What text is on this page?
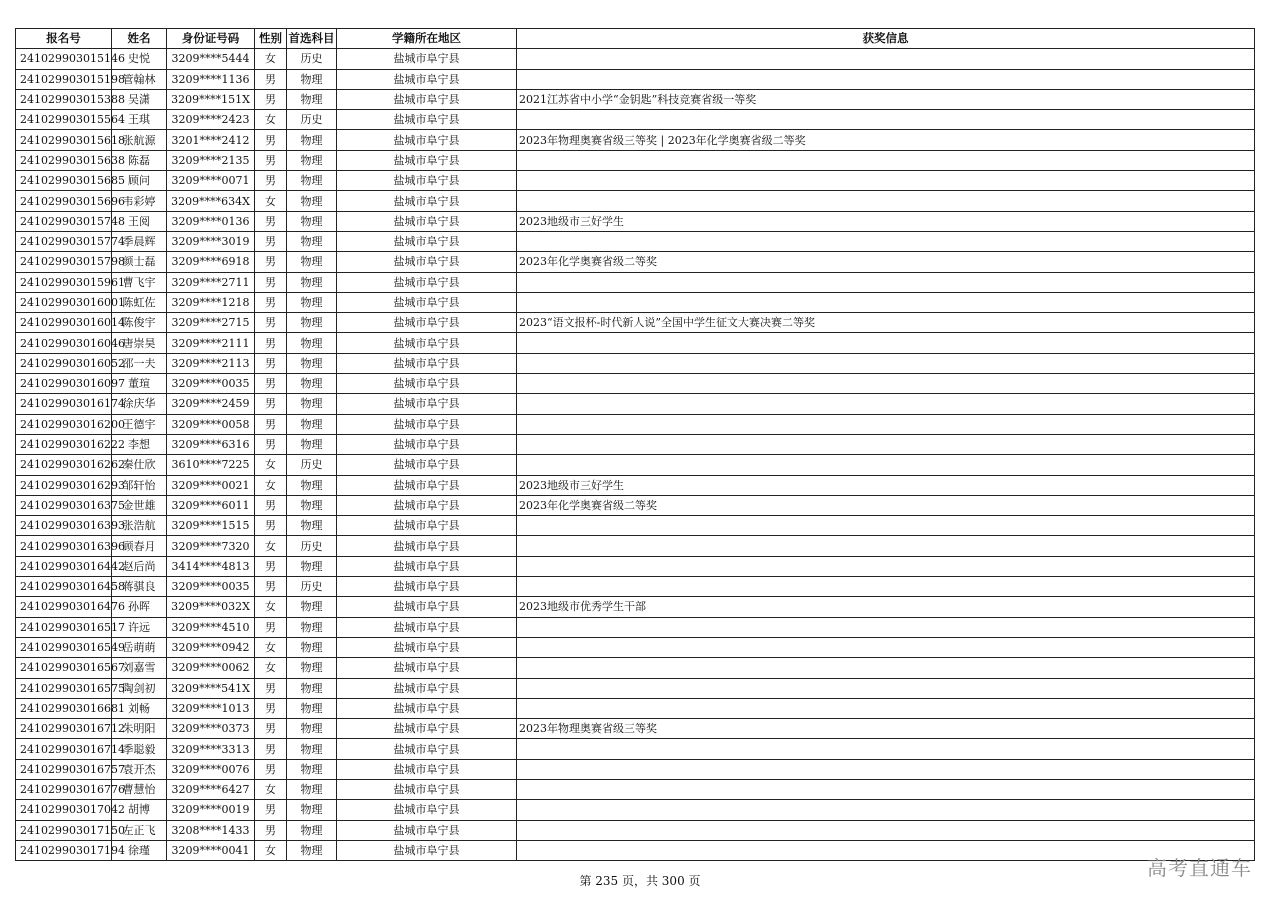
报名号	姓名	身份证号码	性别	首选科目	学籍所在地区	获奖信息
241029903015146	史悦	3209****5444	女	历史	盐城市阜宁县	
241029903015198	管翰林	3209****1136	男	物理	盐城市阜宁县	
241029903015388	吴潇	3209****151X	男	物理	盐城市阜宁县	2021江苏省中小学“金钥匙”科技竞赛省级一等奖
241029903015564	王琪	3209****2423	女	历史	盐城市阜宁县	
241029903015618	张航源	3201****2412	男	物理	盐城市阜宁县	2023年物理奥赛省级三等奖 | 2023年化学奥赛省级二等奖
241029903015638	陈磊	3209****2135	男	物理	盐城市阜宁县	
241029903015685	顾问	3209****0071	男	物理	盐城市阜宁县	
241029903015696	韦彩婷	3209****634X	女	物理	盐城市阜宁县	
241029903015748	王阅	3209****0136	男	物理	盐城市阜宁县	2023地级市三好学生
241029903015774	季晨辉	3209****3019	男	物理	盐城市阜宁县	
241029903015798	颜士磊	3209****6918	男	物理	盐城市阜宁县	2023年化学奥赛省级二等奖
241029903015961	曹飞宇	3209****2711	男	物理	盐城市阜宁县	
241029903016001	陈虹佐	3209****1218	男	物理	盐城市阜宁县	
241029903016014	陈俊宇	3209****2715	男	物理	盐城市阜宁县	2023“语文报杯-时代新人说”全国中学生征文大赛决赛二等奖
241029903016046	唐崇昊	3209****2111	男	物理	盐城市阜宁县	
241029903016052	邵一夫	3209****2113	男	物理	盐城市阜宁县	
241029903016097	董瑄	3209****0035	男	物理	盐城市阜宁县	
241029903016174	徐庆华	3209****2459	男	物理	盐城市阜宁县	
241029903016200	王德宇	3209****0058	男	物理	盐城市阜宁县	
241029903016222	李想	3209****6316	男	物理	盐城市阜宁县	
241029903016262	秦仕欣	3610****7225	女	历史	盐城市阜宁县	
241029903016293	邹轩怡	3209****0021	女	物理	盐城市阜宁县	2023地级市三好学生
241029903016375	金世雄	3209****6011	男	物理	盐城市阜宁县	2023年化学奥赛省级二等奖
241029903016393	张浩航	3209****1515	男	物理	盐城市阜宁县	
241029903016396	顾春月	3209****7320	女	历史	盐城市阜宁县	
241029903016442	赵后尚	3414****4813	男	物理	盐城市阜宁县	
241029903016458	蒋骐良	3209****0035	男	历史	盐城市阜宁县	
241029903016476	孙晖	3209****032X	女	物理	盐城市阜宁县	2023地级市优秀学生干部
241029903016517	许远	3209****4510	男	物理	盐城市阜宁县	
241029903016549	岳萌萌	3209****0942	女	物理	盐城市阜宁县	
241029903016567	刘嘉雪	3209****0062	女	物理	盐城市阜宁县	
241029903016575	陶剑初	3209****541X	男	物理	盐城市阜宁县	
241029903016681	刘畅	3209****1013	男	物理	盐城市阜宁县	
241029903016712	朱明阳	3209****0373	男	物理	盐城市阜宁县	2023年物理奥赛省级三等奖
241029903016714	季聪毅	3209****3313	男	物理	盐城市阜宁县	
241029903016757	袁开杰	3209****0076	男	物理	盐城市阜宁县	
241029903016776	曹慧怡	3209****6427	女	物理	盐城市阜宁县	
241029903017042	胡博	3209****0019	男	物理	盐城市阜宁县	
241029903017150	左正飞	3208****1433	男	物理	盐城市阜宁县	
241029903017194	徐瑾	3209****0041	女	物理	盐城市阜宁县	
第 235 页，共 300 页
高考直通车
